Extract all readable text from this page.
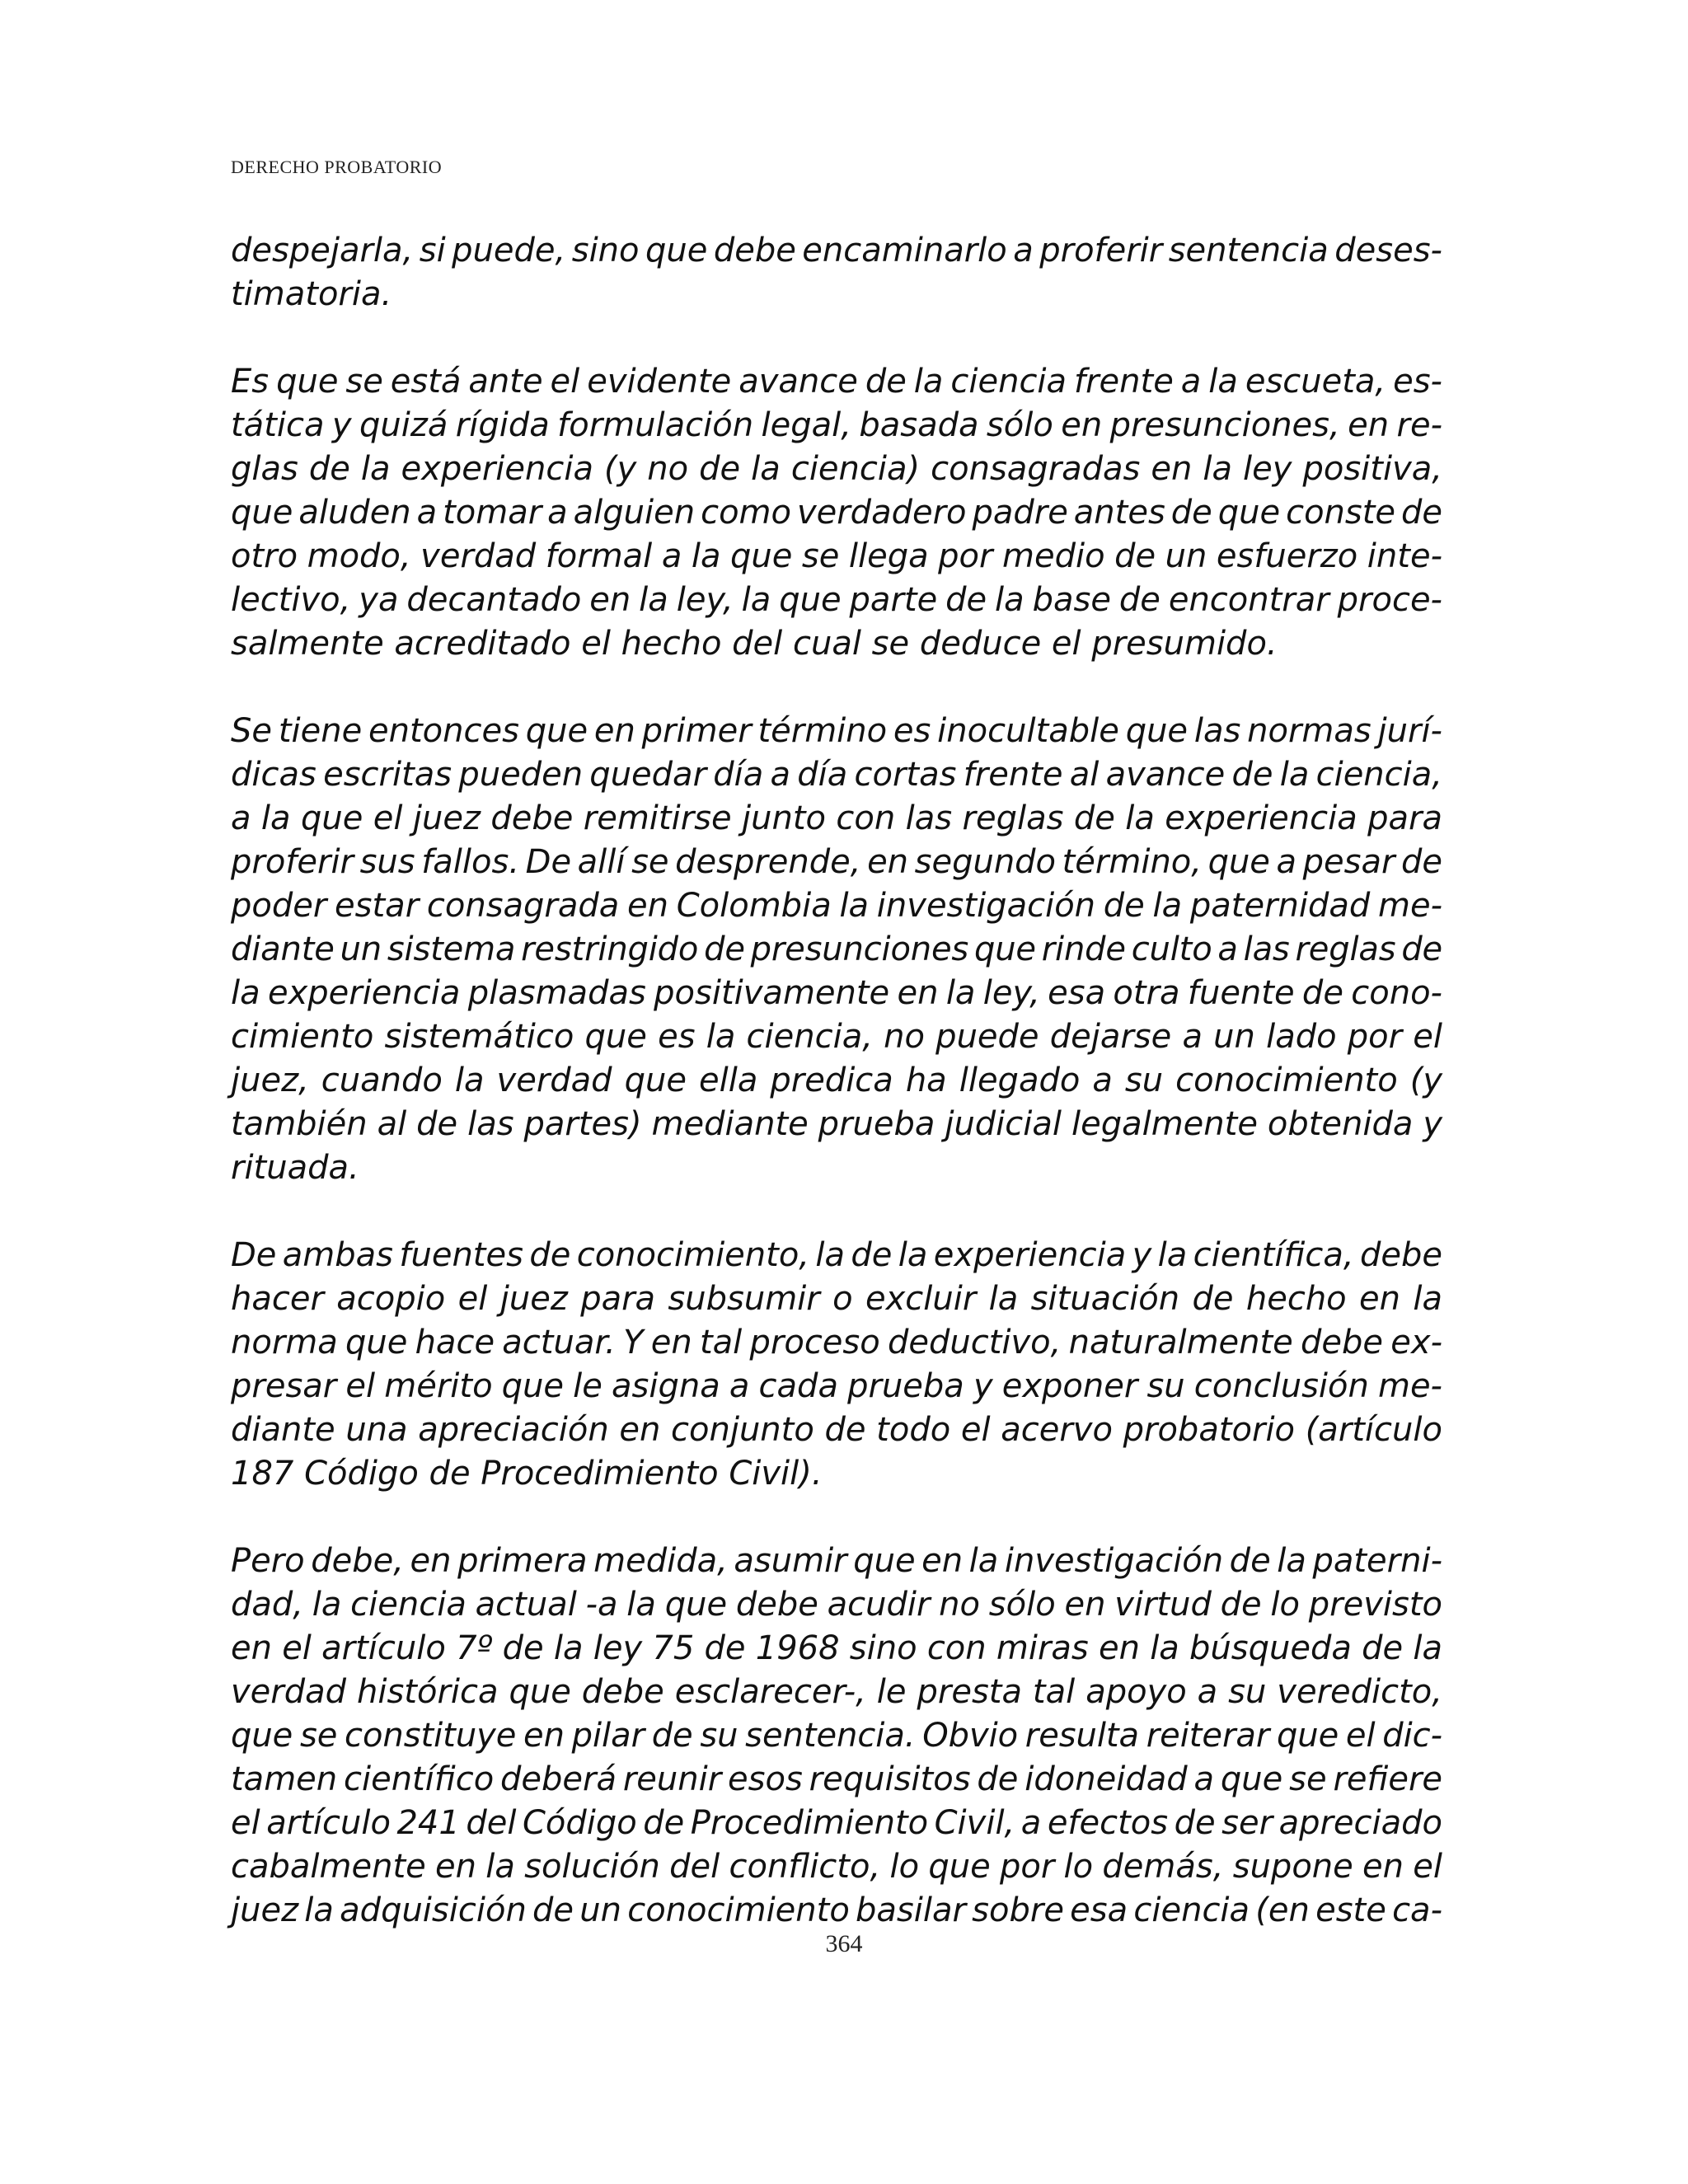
DERECHO PROBATORIO

despejarla, si puede, sino que debe encaminarlo a proferir sentencia deses-
timatoria.

Es que se está ante el evidente avance de la ciencia frente a la escueta, es-
tática y quizá rígida formulación legal, basada sólo en presunciones, en re-
glas de la experiencia (y no de la ciencia) consagradas en la ley positiva,
que aluden a tomar a alguien como verdadero padre antes de que conste de
otro modo, verdad formal a la que se llega por medio de un esfuerzo inte-
lectivo, ya decantado en la ley, la que parte de la base de encontrar proce-
salmente acreditado el hecho del cual se deduce el presumido.

Se tiene entonces que en primer término es inocultable que las normas jurí-
dicas escritas pueden quedar día a día cortas frente al avance de la ciencia,
a la que el juez debe remitirse junto con las reglas de la experiencia para
proferir sus fallos. De allí se desprende, en segundo término, que a pesar de
poder estar consagrada en Colombia la investigación de la paternidad me-
diante un sistema restringido de presunciones que rinde culto a las reglas de
la experiencia plasmadas positivamente en la ley, esa otra fuente de cono-
cimiento sistemático que es la ciencia, no puede dejarse a un lado por el
juez, cuando la verdad que ella predica ha llegado a su conocimiento (y
también al de las partes) mediante prueba judicial legalmente obtenida y
rituada.

De ambas fuentes de conocimiento, la de la experiencia y la científica, debe
hacer acopio el juez para subsumir o excluir la situación de hecho en la
norma que hace actuar. Y en tal proceso deductivo, naturalmente debe ex-
presar el mérito que le asigna a cada prueba y exponer su conclusión me-
diante una apreciación en conjunto de todo el acervo probatorio (artículo
187 Código de Procedimiento Civil).

Pero debe, en primera medida, asumir que en la investigación de la paterni-
dad, la ciencia actual -a la que debe acudir no sólo en virtud de lo previsto
en el artículo 7º de la ley 75 de 1968 sino con miras en la búsqueda de la
verdad histórica que debe esclarecer-, le presta tal apoyo a su veredicto,
que se constituye en pilar de su sentencia. Obvio resulta reiterar que el dic-
tamen científico deberá reunir esos requisitos de idoneidad a que se refiere
el artículo 241 del Código de Procedimiento Civil, a efectos de ser apreciado
cabalmente en la solución del conflicto, lo que por lo demás, supone en el
juez la adquisición de un conocimiento basilar sobre esa ciencia (en este ca-

364
